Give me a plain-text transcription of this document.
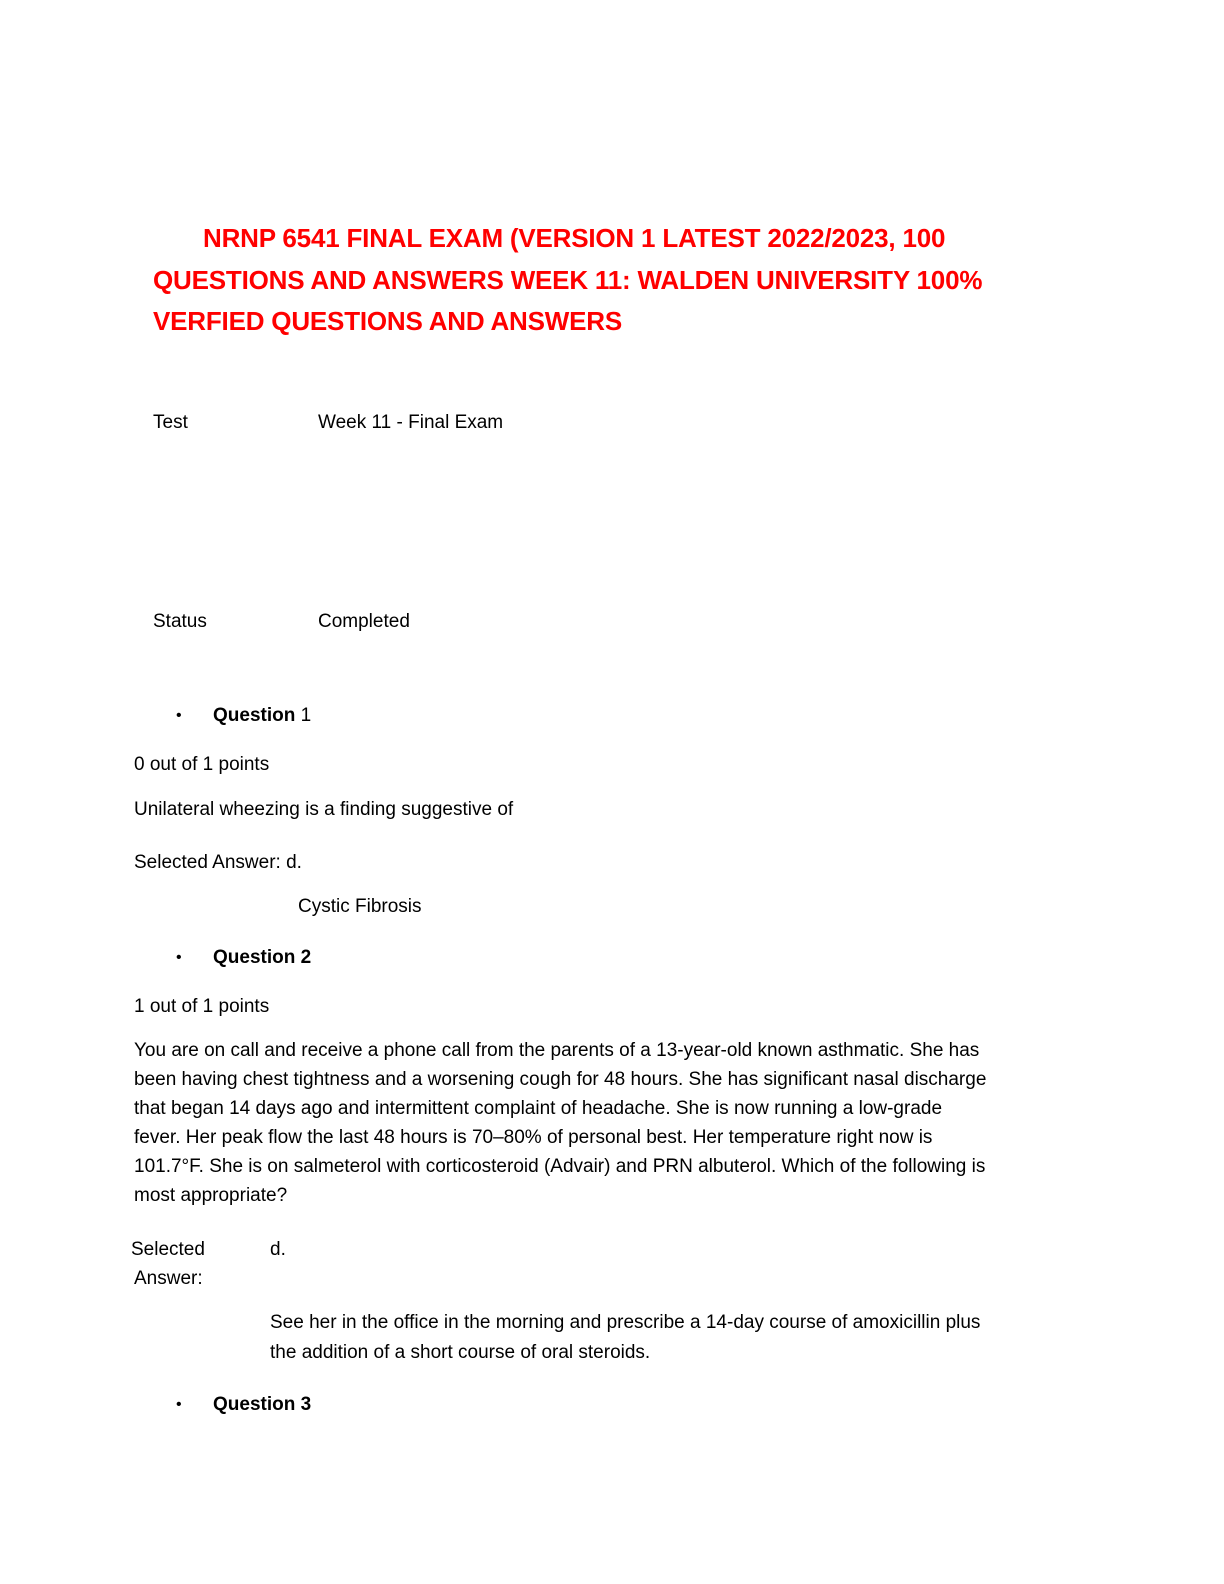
NRNP 6541 FINAL EXAM (VERSION 1 LATEST 2022/2023, 100
QUESTIONS AND ANSWERS WEEK 11: WALDEN UNIVERSITY 100%
VERFIED QUESTIONS AND ANSWERS
Test	Week 11 - Final Exam
Status	Completed
• Question 1
0 out of 1 points
Unilateral wheezing is a finding suggestive of
Selected Answer: d.
Cystic Fibrosis
• Question 2
1 out of 1 points
You are on call and receive a phone call from the parents of a 13-year-old known asthmatic. She has
been having chest tightness and a worsening cough for 48 hours. She has significant nasal discharge
that began 14 days ago and intermittent complaint of headache. She is now running a low-grade
fever. Her peak flow the last 48 hours is 70–80% of personal best. Her temperature right now is
101.7°F. She is on salmeterol with corticosteroid (Advair) and PRN albuterol. Which of the following is
most appropriate?
Selected
Answer:
d.
See her in the office in the morning and prescribe a 14-day course of amoxicillin plus
the addition of a short course of oral steroids.
• Question 3
